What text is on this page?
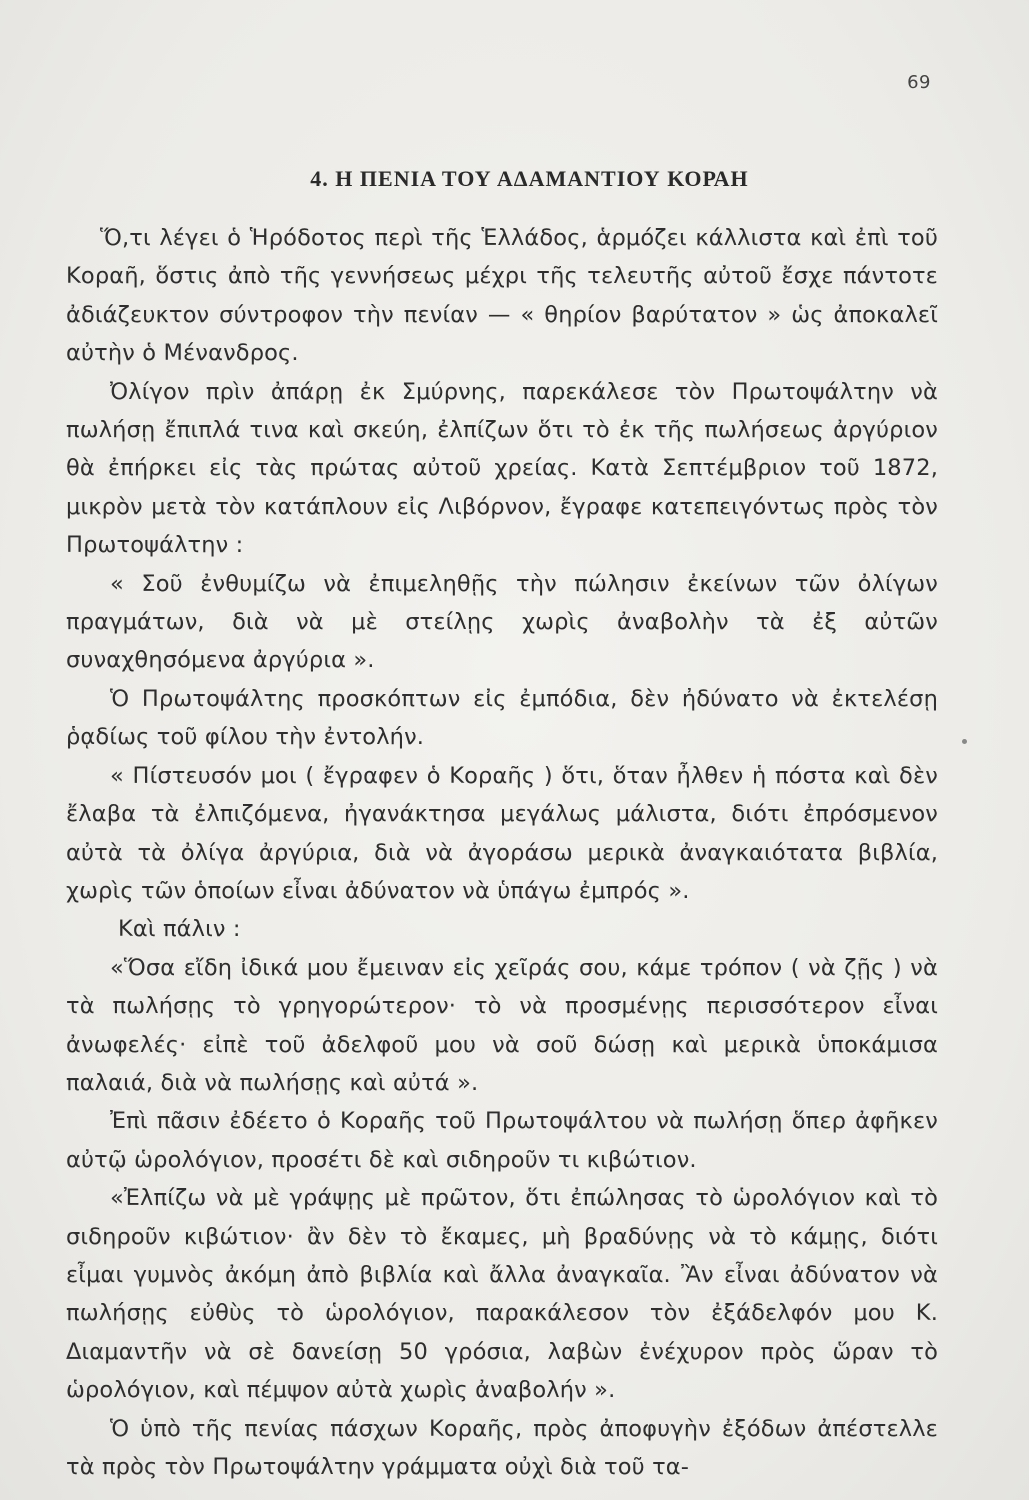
69
4. Η ΠΕΝΙΑ ΤΟΥ ΑΔΑΜΑΝΤΙΟΥ ΚΟΡΑΗ

Ὅ,τι λέγει ὁ Ἡρόδοτος περὶ τῆς Ἑλλάδος, ἁρμόζει κάλλιστα καὶ ἐπὶ τοῦ Κοραῆ, ὅστις ἀπὸ τῆς γεννήσεως μέχρι τῆς τελευτῆς αὐτοῦ ἔσχε πάντοτε ἀδιάζευκτον σύντροφον τὴν πενίαν — « θηρίον βαρύτατον » ὡς ἀποκαλεῖ αὐτὴν ὁ Μένανδρος.

Ὀλίγον πρὶν ἀπάρῃ ἐκ Σμύρνης, παρεκάλεσε τὸν Πρωτοψάλτην νὰ πωλήσῃ ἔπιπλά τινα καὶ σκεύη, ἐλπίζων ὅτι τὸ ἐκ τῆς πωλήσεως ἀργύριον θὰ ἐπήρκει εἰς τὰς πρώτας αὐτοῦ χρείας. Κατὰ Σεπτέμβριον τοῦ 1872, μικρὸν μετὰ τὸν κατάπλουν εἰς Λιβόρνον, ἔγραφε κατεπειγόντως πρὸς τὸν Πρωτοψάλτην :

« Σοῦ ἐνθυμίζω νὰ ἐπιμεληθῇς τὴν πώλησιν ἐκείνων τῶν ὀλίγων πραγμάτων, διὰ νὰ μὲ στείλῃς χωρὶς ἀναβολὴν τὰ ἐξ αὐτῶν συναχθησόμενα ἀργύρια ».

Ὁ Πρωτοψάλτης προσκόπτων εἰς ἐμπόδια, δὲν ἠδύνατο νὰ ἐκτελέσῃ ῥᾳδίως τοῦ φίλου τὴν ἐντολήν.

« Πίστευσόν μοι ( ἔγραφεν ὁ Κοραῆς ) ὅτι, ὅταν ἦλθεν ἡ πόστα καὶ δὲν ἔλαβα τὰ ἐλπιζόμενα, ἠγανάκτησα μεγάλως μάλιστα, διότι ἐπρόσμενον αὐτὰ τὰ ὀλίγα ἀργύρια, διὰ νὰ ἀγοράσω μερικὰ ἀναγκαιότατα βιβλία, χωρὶς τῶν ὁποίων εἶναι ἀδύνατον νὰ ὑπάγω ἐμπρός ».

Καὶ πάλιν :

«Ὅσα εἴδη ἰδικά μου ἔμειναν εἰς χεῖράς σου, κάμε τρόπον ( νὰ ζῇς ) νὰ τὰ πωλήσῃς τὸ γρηγορώτερον· τὸ νὰ προσμένῃς περισσότερον εἶναι ἀνωφελές· εἰπὲ τοῦ ἀδελφοῦ μου νὰ σοῦ δώσῃ καὶ μερικὰ ὑποκάμισα παλαιά, διὰ νὰ πωλήσῃς καὶ αὐτά ».

Ἐπὶ πᾶσιν ἐδέετο ὁ Κοραῆς τοῦ Πρωτοψάλτου νὰ πωλήσῃ ὅπερ ἀφῆκεν αὐτῷ ὡρολόγιον, προσέτι δὲ καὶ σιδηροῦν τι κιβώτιον.

«Ἐλπίζω νὰ μὲ γράψῃς μὲ πρῶτον, ὅτι ἐπώλησας τὸ ὡρολόγιον καὶ τὸ σιδηροῦν κιβώτιον· ἂν δὲν τὸ ἔκαμες, μὴ βραδύνῃς νὰ τὸ κάμῃς, διότι εἶμαι γυμνὸς ἀκόμη ἀπὸ βιβλία καὶ ἄλλα ἀναγκαῖα. Ἂν εἶναι ἀδύνατον νὰ πωλήσῃς εὐθὺς τὸ ὡρολόγιον, παρακάλεσον τὸν ἐξάδελφόν μου Κ. Διαμαντῆν νὰ σὲ δανείσῃ 50 γρόσια, λαβὼν ἐνέχυρον πρὸς ὥραν τὸ ὡρολόγιον, καὶ πέμψον αὐτὰ χωρὶς ἀναβολήν ».

Ὁ ὑπὸ τῆς πενίας πάσχων Κοραῆς, πρὸς ἀποφυγὴν ἐξόδων ἀπέστελλε τὰ πρὸς τὸν Πρωτοψάλτην γράμματα οὐχὶ διὰ τοῦ τα-
